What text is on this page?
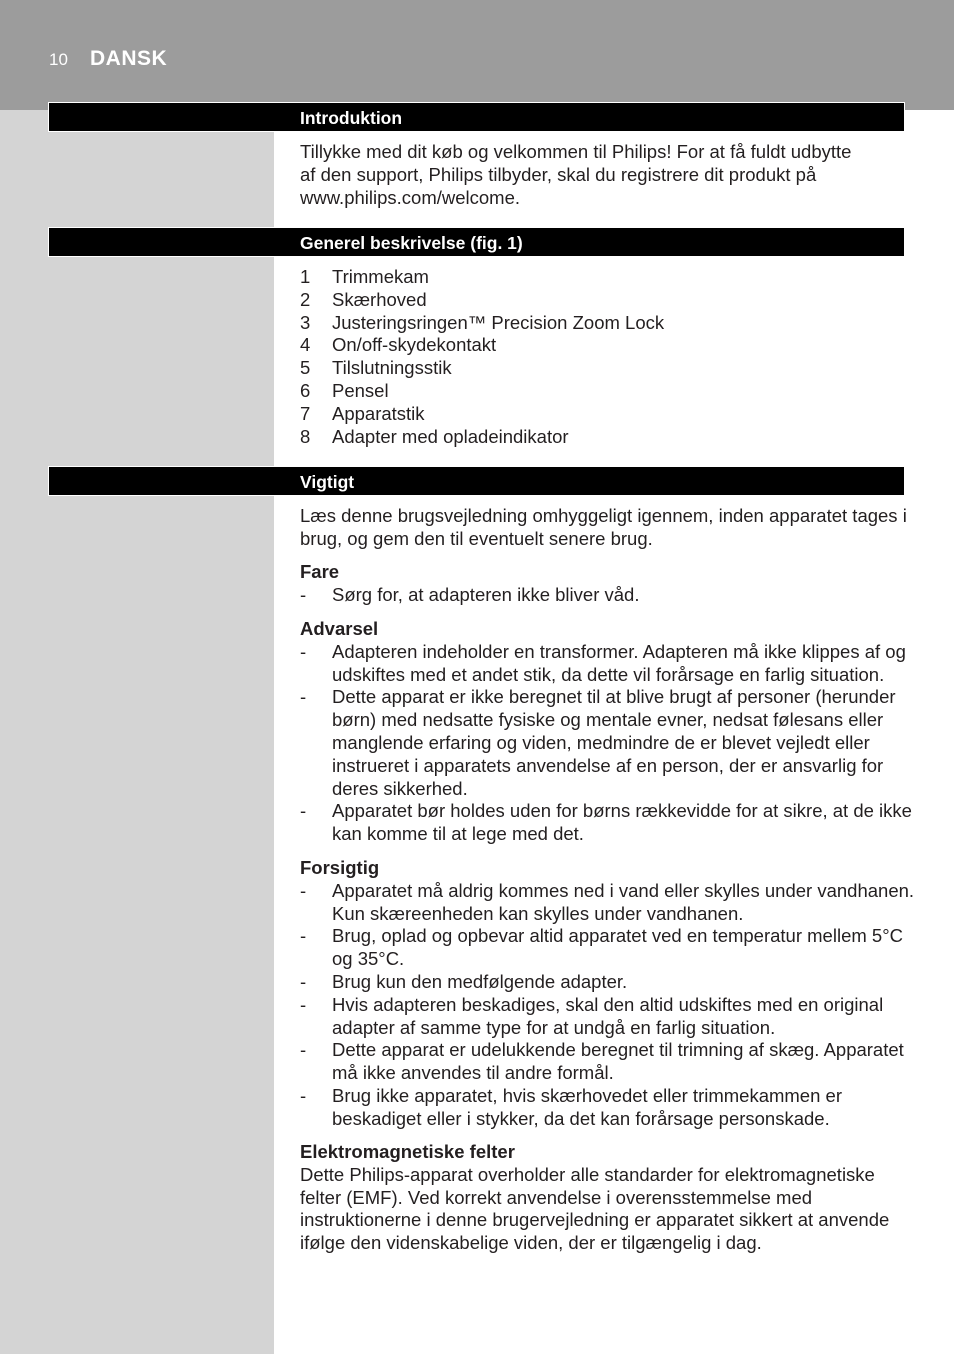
10 DANSK
Introduktion
Tillykke med dit køb og velkommen til Philips! For at få fuldt udbytte
af den support, Philips tilbyder, skal du registrere dit produkt på
www.philips.com/welcome.
Generel beskrivelse (fig. 1)
1 Trimmekam
2 Skærhoved
3 Justeringsringen™ Precision Zoom Lock
4 On/off-skydekontakt
5 Tilslutningsstik
6 Pensel
7 Apparatstik
8 Adapter med opladeindikator
Vigtigt
Læs denne brugsvejledning omhyggeligt igennem, inden apparatet tages i
brug, og gem den til eventuelt senere brug.
Fare
- Sørg for, at adapteren ikke bliver våd.
Advarsel
- Adapteren indeholder en transformer. Adapteren må ikke klippes af og
udskiftes med et andet stik, da dette vil forårsage en farlig situation.
- Dette apparat er ikke beregnet til at blive brugt af personer (herunder
børn) med nedsatte fysiske og mentale evner, nedsat følesans eller
manglende erfaring og viden, medmindre de er blevet vejledt eller
instrueret i apparatets anvendelse af en person, der er ansvarlig for
deres sikkerhed.
- Apparatet bør holdes uden for børns rækkevidde for at sikre, at de ikke
kan komme til at lege med det.
Forsigtig
- Apparatet må aldrig kommes ned i vand eller skylles under vandhanen.
Kun skæreenheden kan skylles under vandhanen.
- Brug, oplad og opbevar altid apparatet ved en temperatur mellem 5°C
og 35°C.
- Brug kun den medfølgende adapter.
- Hvis adapteren beskadiges, skal den altid udskiftes med en original
adapter af samme type for at undgå en farlig situation.
- Dette apparat er udelukkende beregnet til trimning af skæg. Apparatet
må ikke anvendes til andre formål.
- Brug ikke apparatet, hvis skærhovedet eller trimmekammen er
beskadiget eller i stykker, da det kan forårsage personskade.
Elektromagnetiske felter
Dette Philips-apparat overholder alle standarder for elektromagnetiske
felter (EMF). Ved korrekt anvendelse i overensstemmelse med
instruktionerne i denne brugervejledning er apparatet sikkert at anvende
ifølge den videnskabelige viden, der er tilgængelig i dag.
